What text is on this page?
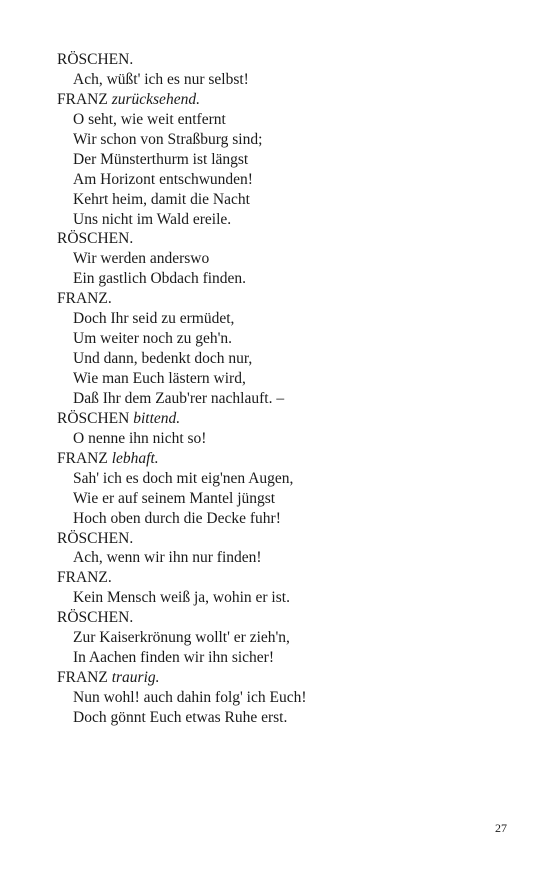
RÖSCHEN.
Ach, wüßt' ich es nur selbst!
FRANZ zurücksehend.
O seht, wie weit entfernt
Wir schon von Straßburg sind;
Der Münsterthurm ist längst
Am Horizont entschwunden!
Kehrt heim, damit die Nacht
Uns nicht im Wald ereile.
RÖSCHEN.
Wir werden anderswo
Ein gastlich Obdach finden.
FRANZ.
Doch Ihr seid zu ermüdet,
Um weiter noch zu geh'n.
Und dann, bedenkt doch nur,
Wie man Euch lästern wird,
Daß Ihr dem Zaub'rer nachlauft. –
RÖSCHEN bittend.
O nenne ihn nicht so!
FRANZ lebhaft.
Sah' ich es doch mit eig'nen Augen,
Wie er auf seinem Mantel jüngst
Hoch oben durch die Decke fuhr!
RÖSCHEN.
Ach, wenn wir ihn nur finden!
FRANZ.
Kein Mensch weiß ja, wohin er ist.
RÖSCHEN.
Zur Kaiserkrönung wollt' er zieh'n,
In Aachen finden wir ihn sicher!
FRANZ traurig.
Nun wohl! auch dahin folg' ich Euch!
Doch gönnt Euch etwas Ruhe erst.
27
